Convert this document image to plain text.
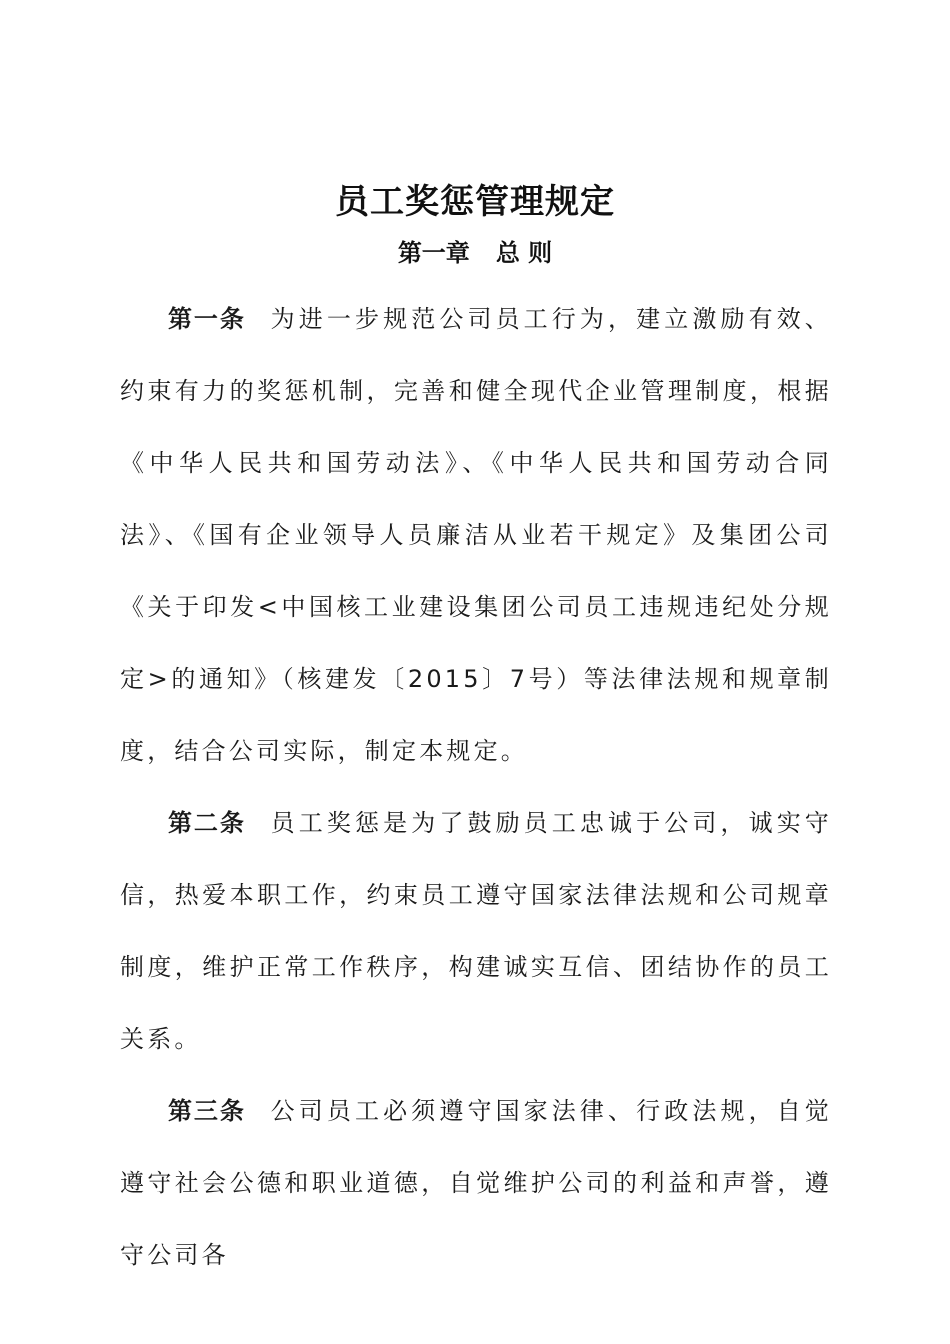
员工奖惩管理规定
第一章 总 则

第一条 为进一步规范公司员工行为，建立激励有效、约束有力的奖惩机制，完善和健全现代企业管理制度，根据《中华人民共和国劳动法》、《中华人民共和国劳动合同法》、《国有企业领导人员廉洁从业若干规定》及集团公司《关于印发<中国核工业建设集团公司员工违规违纪处分规定>的通知》（核建发〔2015〕7号）等法律法规和规章制度，结合公司实际，制定本规定。

第二条 员工奖惩是为了鼓励员工忠诚于公司，诚实守信，热爱本职工作，约束员工遵守国家法律法规和公司规章制度，维护正常工作秩序，构建诚实互信、团结协作的员工关系。

第三条 公司员工必须遵守国家法律、行政法规，自觉遵守社会公德和职业道德，自觉维护公司的利益和声誉，遵守公司各
